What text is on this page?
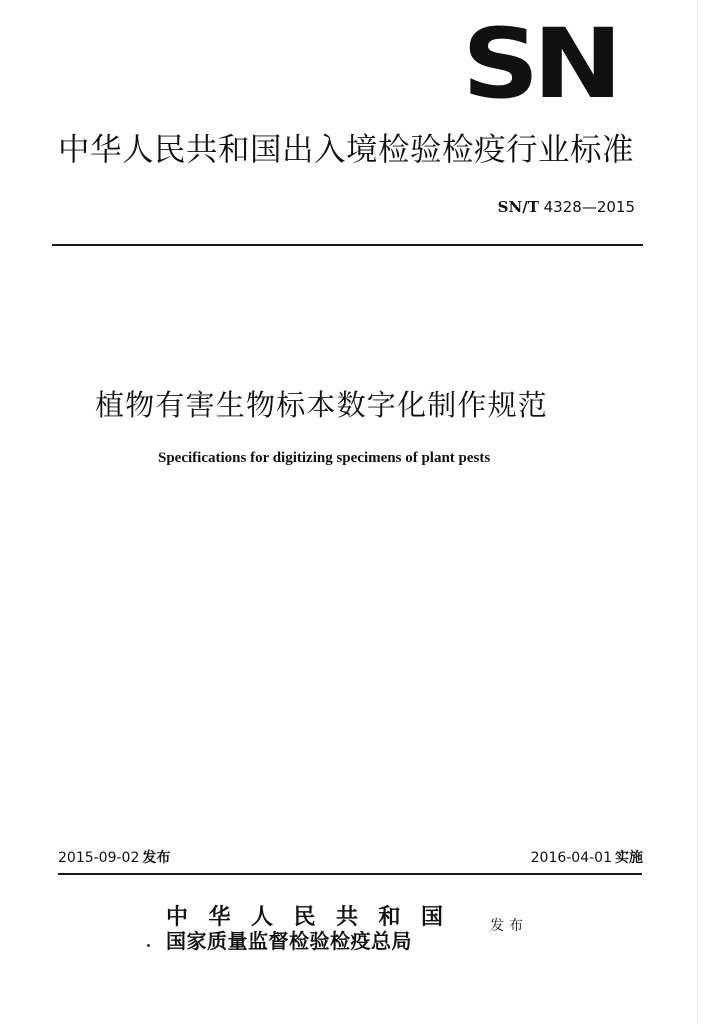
SN
中华人民共和国出入境检验检疫行业标准
SN/T 4328—2015
植物有害生物标本数字化制作规范
Specifications for digitizing specimens of plant pests
2015-09-02 发布	2016-04-01 实施
中华人民共和国
国家质量监督检验检疫总局
发布
